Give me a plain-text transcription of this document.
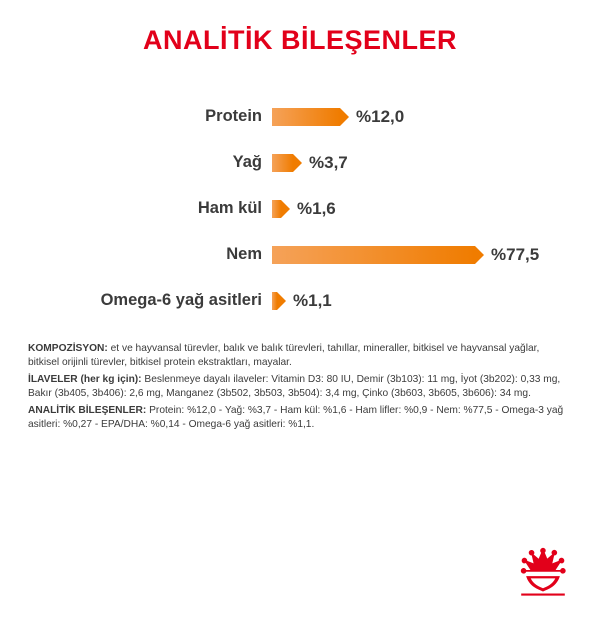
ANALİTİK BİLEŞENLER
Protein	%12,0
Yağ	%3,7
Ham kül	%1,6
Nem	%77,5
Omega-6 yağ asitleri	%1,1

KOMPOZİSYON: et ve hayvansal türevler, balık ve balık türevleri, tahıllar, mineraller, bitkisel ve hayvansal yağlar, bitkisel orijinli türevler, bitkisel protein ekstraktları, mayalar.

İLAVELER (her kg için): Beslenmeye dayalı ilaveler: Vitamin D3: 80 IU, Demir (3b103): 11 mg, İyot (3b202): 0,33 mg, Bakır (3b405, 3b406): 2,6 mg, Manganez (3b502, 3b503, 3b504): 3,4 mg, Çinko (3b603, 3b605, 3b606): 34 mg.

ANALİTİK BİLEŞENLER: Protein: %12,0 - Yağ: %3,7 - Ham kül: %1,6 - Ham lifler: %0,9 - Nem: %77,5 - Omega-3 yağ asitleri: %0,27 - EPA/DHA: %0,14 - Omega-6 yağ asitleri: %1,1.
